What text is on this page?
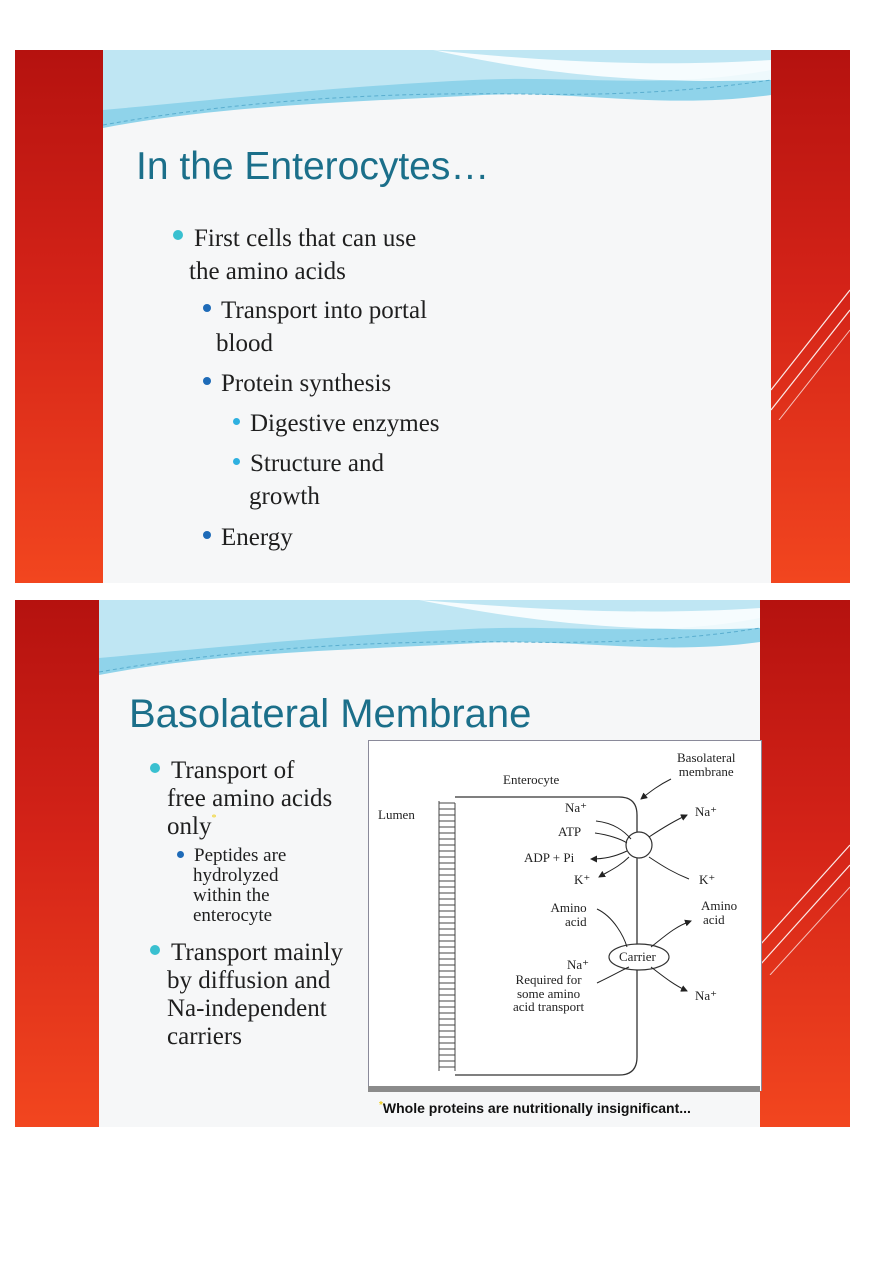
In the Enterocytes…
First cells that can use
the amino acids
Transport into portal
blood
Protein synthesis
Digestive enzymes
Structure and
growth
Energy
Basolateral Membrane
Transport of
free amino acids
only*
Peptides are
hydrolyzed
within the
enterocyte
Transport mainly
by diffusion and
Na-independent
carriers
Basolateral
membrane
Enterocyte
Lumen	Na⁺
ATP
ADP + Pi
K⁺
Amino
acid
Na⁺
Required for
some amino
acid transport
Na⁺
K⁺
Amino
acid
Na⁺
Carrier
*Whole proteins are nutritionally insignificant...
